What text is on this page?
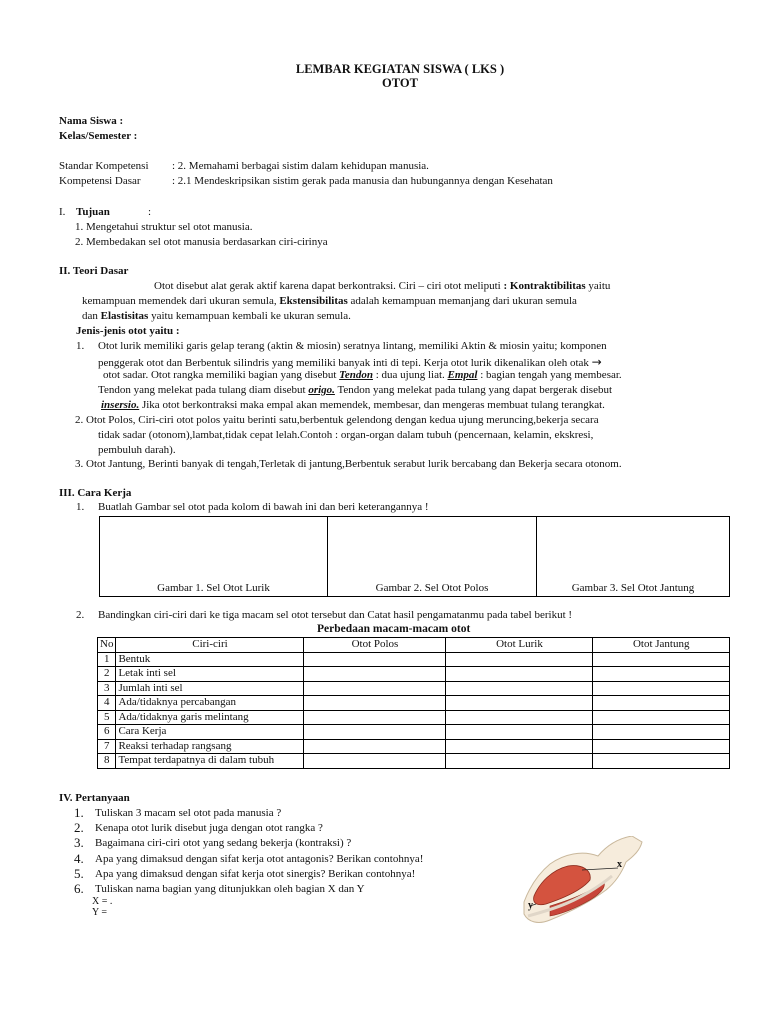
LEMBAR KEGIATAN SISWA ( LKS )
OTOT
Nama Siswa :
Kelas/Semester :
Standar Kompetensi : 2. Memahami berbagai sistim dalam kehidupan manusia.
Kompetensi Dasar	: 2.1 Mendeskripsikan sistim gerak pada manusia dan hubungannya dengan Kesehatan
I. Tujuan	:
1. Mengetahui struktur sel otot manusia.
2. Membedakan sel otot manusia berdasarkan ciri-cirinya
II. Teori Dasar
Otot disebut alat gerak aktif karena dapat berkontraksi. Ciri – ciri otot meliputi : Kontraktibilitas yaitu
kemampuan memendek dari ukuran semula, Ekstensibilitas adalah kemampuan memanjang dari ukuran semula
dan Elastisitas yaitu kemampuan kembali ke ukuran semula.
Jenis-jenis otot yaitu :
1. Otot lurik memiliki garis gelap terang (aktin & miosin) seratnya lintang, memiliki Aktin & miosin yaitu; komponen
penggerak otot dan Berbentuk silindris yang memiliki banyak inti di tepi. Kerja otot lurik dikenalikan oleh otak →
otot sadar. Otot rangka memiliki bagian yang disebut Tendon : dua ujung liat. Empal : bagian tengah yang membesar.
Tendon yang melekat pada tulang diam disebut origo. Tendon yang melekat pada tulang yang dapat bergerak disebut
insersio. Jika otot berkontraksi maka empal akan memendek, membesar, dan mengeras membuat tulang terangkat.
2. Otot Polos, Ciri-ciri otot polos yaitu berinti satu,berbentuk gelendong dengan kedua ujung meruncing,bekerja secara
tidak sadar (otonom),lambat,tidak cepat lelah.Contoh : organ-organ dalam tubuh (pencernaan, kelamin, ekskresi,
pembuluh darah).
3. Otot Jantung, Berinti banyak di tengah,Terletak di jantung,Berbentuk serabut lurik bercabang dan Bekerja secara otonom.
III. Cara Kerja
1. Buatlah Gambar sel otot pada kolom di bawah ini dan beri keterangannya !
Gambar 1. Sel Otot Lurik	Gambar 2. Sel Otot Polos	Gambar 3. Sel Otot Jantung
2. Bandingkan ciri-ciri dari ke tiga macam sel otot tersebut dan Catat hasil pengamatanmu pada tabel berikut !
Perbedaan macam-macam otot
No	Ciri-ciri	Otot Polos	Otot Lurik	Otot Jantung
1	Bentuk			
2	Letak inti sel			
3	Jumlah inti sel			
4	Ada/tidaknya percabangan			
5	Ada/tidaknya garis melintang			
6	Cara Kerja			
7	Reaksi terhadap rangsang			
8	Tempat terdapatnya di dalam tubuh			
IV. Pertanyaan
1. Tuliskan 3 macam sel otot pada manusia ?
2. Kenapa otot lurik disebut juga dengan otot rangka ?
3. Bagaimana ciri-ciri otot yang sedang bekerja (kontraksi) ?
4. Apa yang dimaksud dengan sifat kerja otot antagonis? Berikan contohnya!
5. Apa yang dimaksud dengan sifat kerja otot sinergis? Berikan contohnya!
6. Tuliskan nama bagian yang ditunjukkan oleh bagian X dan Y
X = .
Y =
x
y
